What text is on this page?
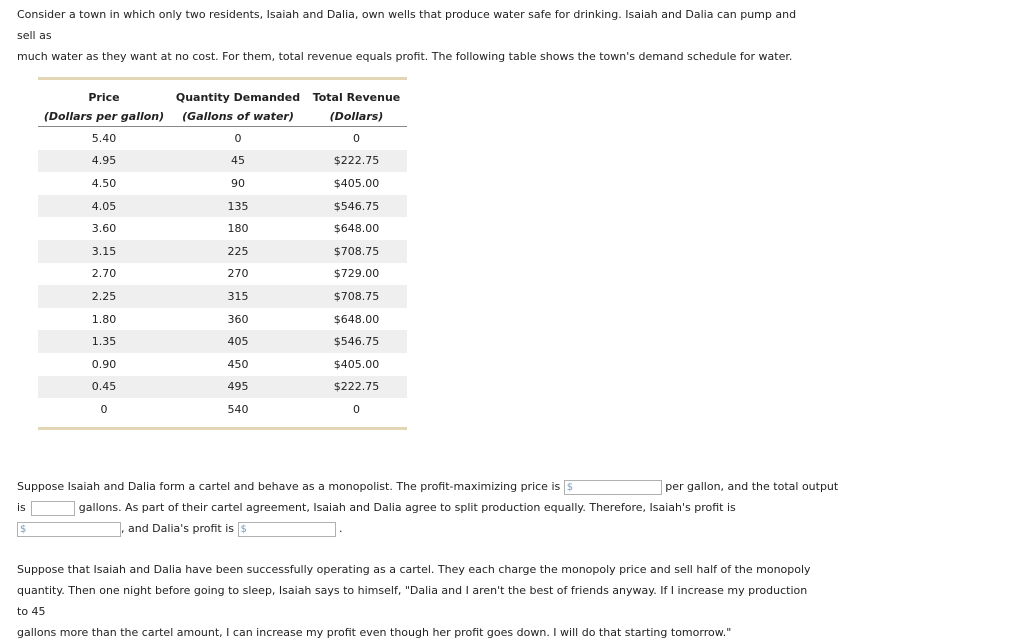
Consider a town in which only two residents, Isaiah and Dalia, own wells that produce water safe for drinking. Isaiah and Dalia can pump and sell as
much water as they want at no cost. For them, total revenue equals profit. The following table shows the town's demand schedule for water.

Price	Quantity Demanded	Total Revenue
(Dollars per gallon)	(Gallons of water)	(Dollars)
5.40	0	0
4.95	45	$222.75
4.50	90	$405.00
4.05	135	$546.75
3.60	180	$648.00
3.15	225	$708.75
2.70	270	$729.00
2.25	315	$708.75
1.80	360	$648.00
1.35	405	$546.75
0.90	450	$405.00
0.45	495	$222.75
0	540	0
Suppose Isaiah and Dalia form a cartel and behave as a monopolist. The profit-maximizing price is $	per gallon, and the total output
is	gallons. As part of their cartel agreement, Isaiah and Dalia agree to split production equally. Therefore, Isaiah's profit is
$	, and Dalia's profit is $	.

Suppose that Isaiah and Dalia have been successfully operating as a cartel. They each charge the monopoly price and sell half of the monopoly
quantity. Then one night before going to sleep, Isaiah says to himself, "Dalia and I aren't the best of friends anyway. If I increase my production to 45
gallons more than the cartel amount, I can increase my profit even though her profit goes down. I will do that starting tomorrow."
